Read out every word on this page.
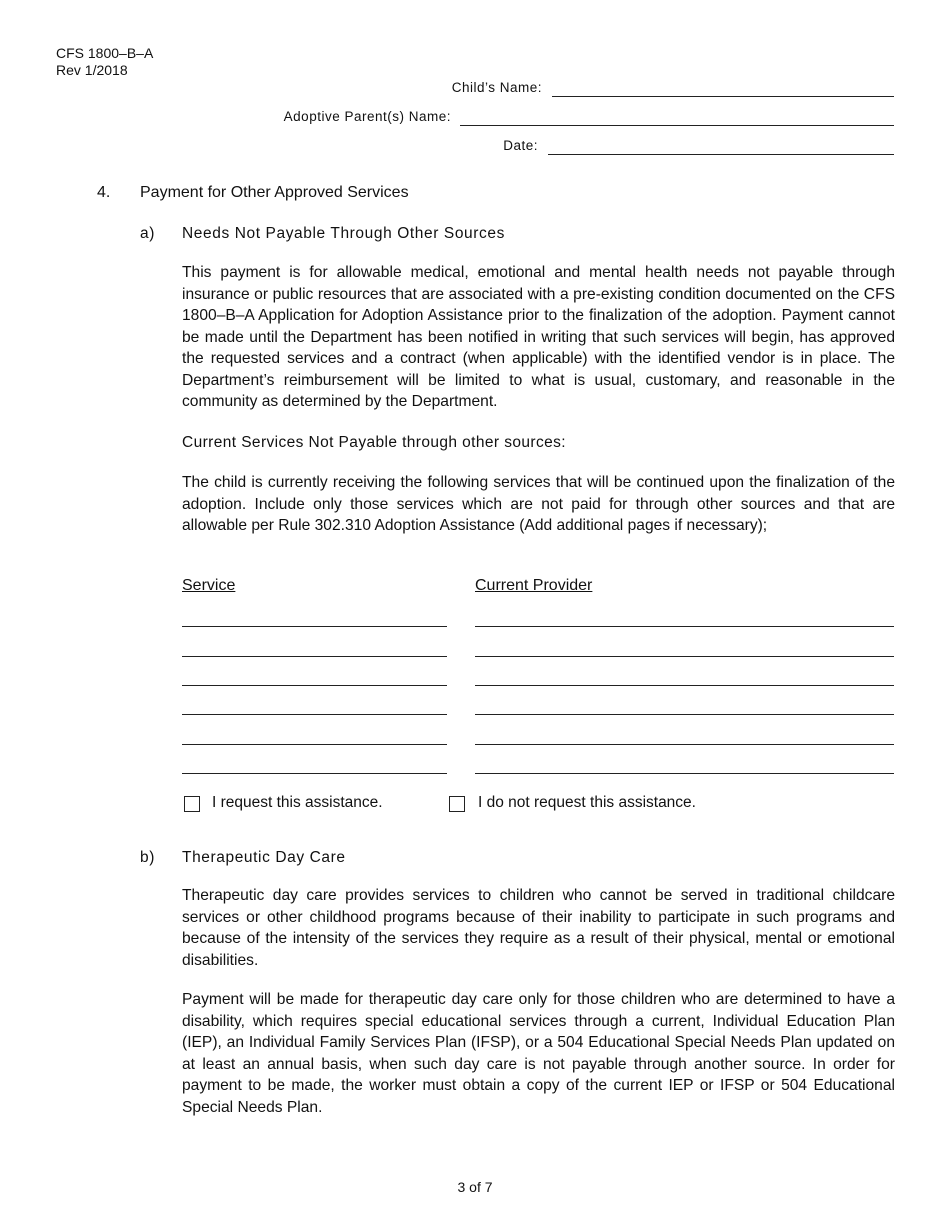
CFS 1800–B–A
Rev 1/2018
Child’s Name:
Adoptive Parent(s) Name:
Date:
4. Payment for Other Approved Services
a) Needs Not Payable Through Other Sources
This payment is for allowable medical, emotional and mental health needs not payable through insurance or public resources that are associated with a pre-existing condition documented on the CFS 1800–B–A Application for Adoption Assistance prior to the finalization of the adoption. Payment cannot be made until the Department has been notified in writing that such services will begin, has approved the requested services and a contract (when applicable) with the identified vendor is in place. The Department’s reimbursement will be limited to what is usual, customary, and reasonable in the community as determined by the Department.
Current Services Not Payable through other sources:
The child is currently receiving the following services that will be continued upon the finalization of the adoption. Include only those services which are not paid for through other sources and that are allowable per Rule 302.310 Adoption Assistance (Add additional pages if necessary);
Service	Current Provider
I request this assistance.	I do not request this assistance.
b) Therapeutic Day Care
Therapeutic day care provides services to children who cannot be served in traditional childcare services or other childhood programs because of their inability to participate in such programs and because of the intensity of the services they require as a result of their physical, mental or emotional disabilities.
Payment will be made for therapeutic day care only for those children who are determined to have a disability, which requires special educational services through a current, Individual Education Plan (IEP), an Individual Family Services Plan (IFSP), or a 504 Educational Special Needs Plan updated on at least an annual basis, when such day care is not payable through another source. In order for payment to be made, the worker must obtain a copy of the current IEP or IFSP or 504 Educational Special Needs Plan.
3 of 7
